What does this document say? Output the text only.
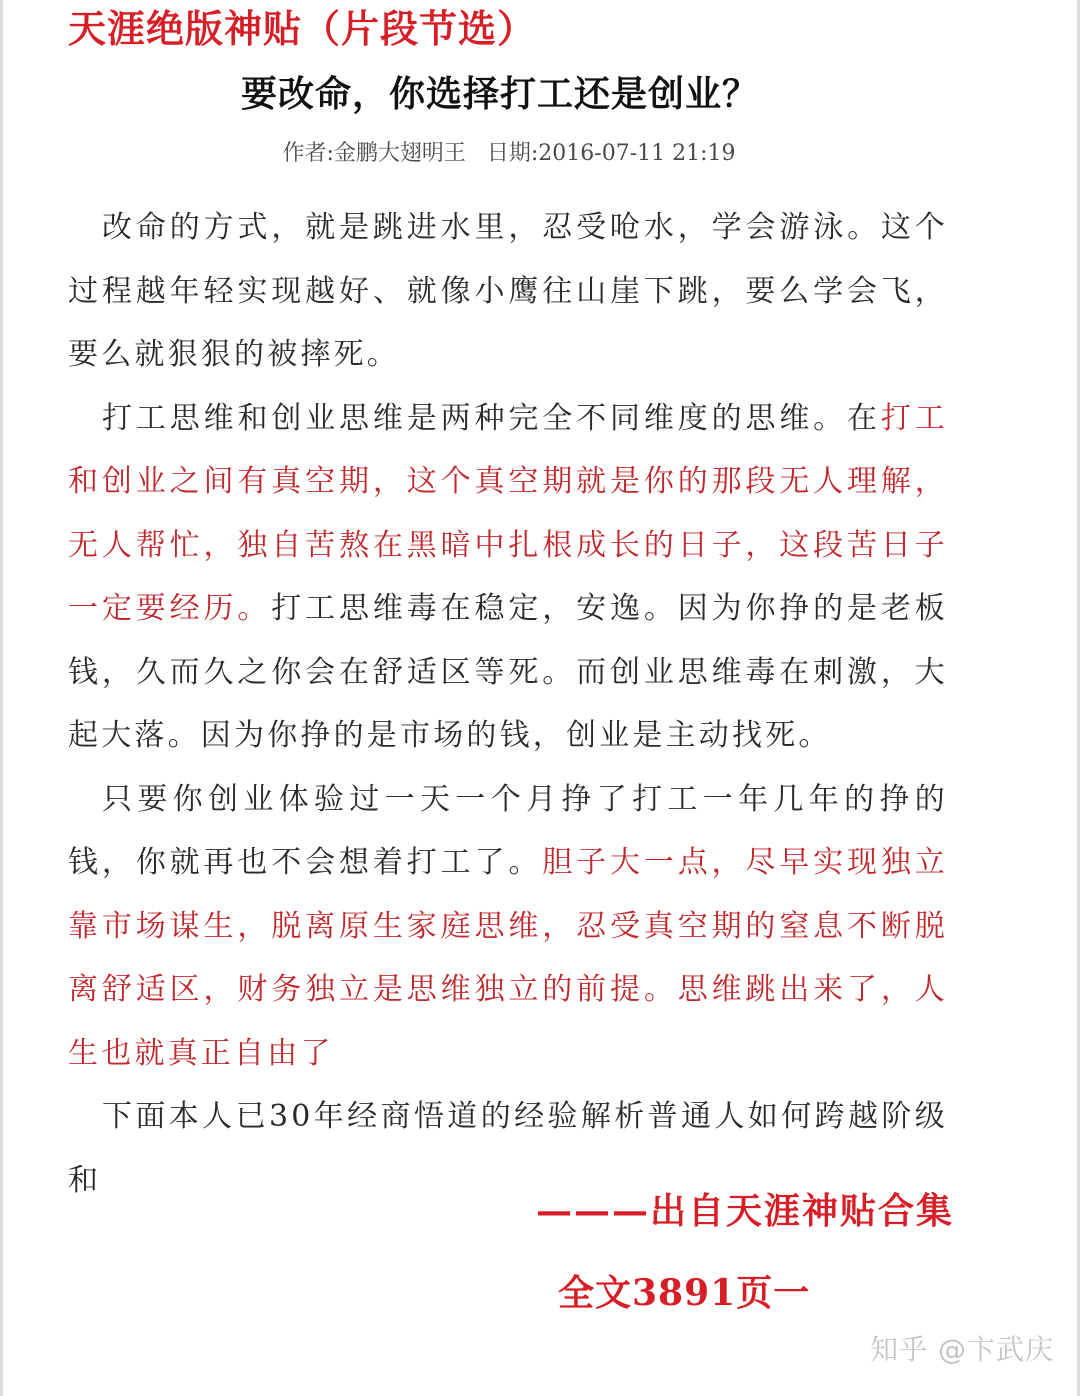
天涯绝版神贴（片段节选）
要改命，你选择打工还是创业？
作者:金鹏大翅明王   日期:2016-07-11 21:19

改命的方式，就是跳进水里，忍受呛水，学会游泳。这个过程越年轻实现越好、就像小鹰往山崖下跳，要么学会飞，要么就狠狠的被摔死。

打工思维和创业思维是两种完全不同维度的思维。在打工和创业之间有真空期，这个真空期就是你的那段无人理解，无人帮忙，独自苦熬在黑暗中扎根成长的日子，这段苦日子一定要经历。打工思维毒在稳定，安逸。因为你挣的是老板钱，久而久之你会在舒适区等死。而创业思维毒在刺激，大起大落。因为你挣的是市场的钱，创业是主动找死。

只要你创业体验过一天一个月挣了打工一年几年的挣的钱，你就再也不会想着打工了。胆子大一点，尽早实现独立靠市场谋生，脱离原生家庭思维，忍受真空期的窒息不断脱离舒适区，财务独立是思维独立的前提。思维跳出来了，人生也就真正自由了

下面本人已30年经商悟道的经验解析普通人如何跨越阶级和

———出自天涯神贴合集
全文3891页一
知乎 @卞武庆
